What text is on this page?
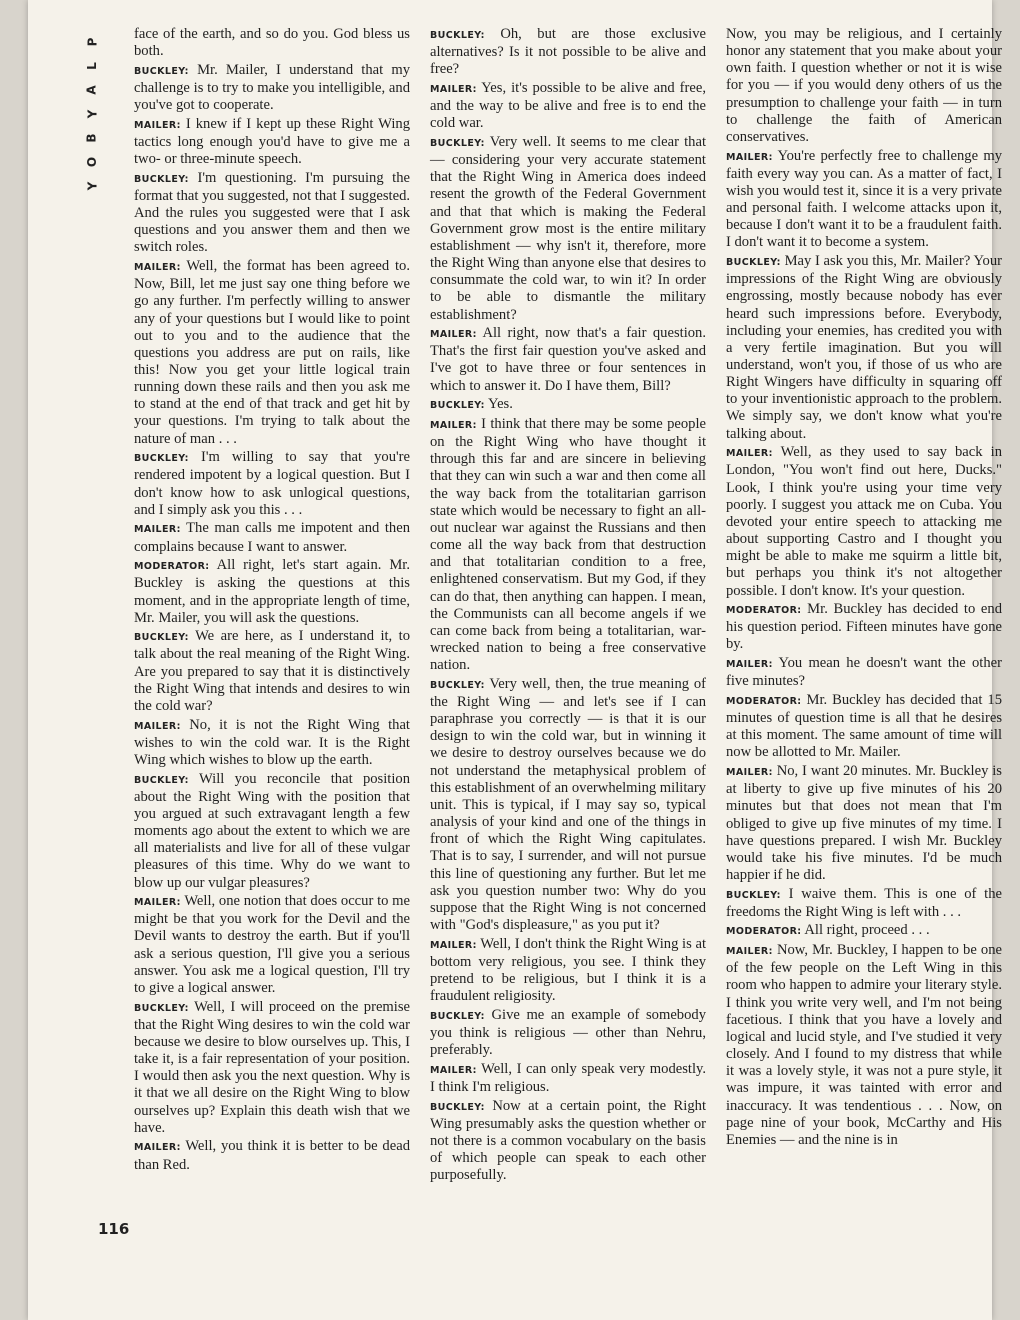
P
L
A
Y
B
O
Y
116

face of the earth, and so do you. God bless us both.

BUCKLEY: Mr. Mailer, I understand that my challenge is to try to make you intelligible, and you've got to cooperate.

MAILER: I knew if I kept up these Right Wing tactics long enough you'd have to give me a two- or three-minute speech.

BUCKLEY: I'm questioning. I'm pursuing the format that you suggested, not that I suggested. And the rules you suggested were that I ask questions and you answer them and then we switch roles.

MAILER: Well, the format has been agreed to. Now, Bill, let me just say one thing before we go any further. I'm perfectly willing to answer any of your questions but I would like to point out to you and to the audience that the questions you address are put on rails, like this! Now you get your little logical train running down these rails and then you ask me to stand at the end of that track and get hit by your questions. I'm trying to talk about the nature of man . . .

BUCKLEY: I'm willing to say that you're rendered impotent by a logical question. But I don't know how to ask unlogical questions, and I simply ask you this . . .

MAILER: The man calls me impotent and then complains because I want to answer.

MODERATOR: All right, let's start again. Mr. Buckley is asking the questions at this moment, and in the appropriate length of time, Mr. Mailer, you will ask the questions.

BUCKLEY: We are here, as I understand it, to talk about the real meaning of the Right Wing. Are you prepared to say that it is distinctively the Right Wing that intends and desires to win the cold war?

MAILER: No, it is not the Right Wing that wishes to win the cold war. It is the Right Wing which wishes to blow up the earth.

BUCKLEY: Will you reconcile that position about the Right Wing with the position that you argued at such extravagant length a few moments ago about the extent to which we are all materialists and live for all of these vulgar pleasures of this time. Why do we want to blow up our vulgar pleasures?

MAILER: Well, one notion that does occur to me might be that you work for the Devil and the Devil wants to destroy the earth. But if you'll ask a serious question, I'll give you a serious answer. You ask me a logical question, I'll try to give a logical answer.

BUCKLEY: Well, I will proceed on the premise that the Right Wing desires to win the cold war because we desire to blow ourselves up. This, I take it, is a fair representation of your position. I would then ask you the next question. Why is it that we all desire on the Right Wing to blow ourselves up? Explain this death wish that we have.

MAILER: Well, you think it is better to be dead than Red.

BUCKLEY: Oh, but are those exclusive alternatives? Is it not possible to be alive and free?

MAILER: Yes, it's possible to be alive and free, and the way to be alive and free is to end the cold war.

BUCKLEY: Very well. It seems to me clear that — considering your very accurate statement that the Right Wing in America does indeed resent the growth of the Federal Government and that that which is making the Federal Government grow most is the entire military establishment — why isn't it, therefore, more the Right Wing than anyone else that desires to consummate the cold war, to win it? In order to be able to dismantle the military establishment?

MAILER: All right, now that's a fair question. That's the first fair question you've asked and I've got to have three or four sentences in which to answer it. Do I have them, Bill?

BUCKLEY: Yes.

MAILER: I think that there may be some people on the Right Wing who have thought it through this far and are sincere in believing that they can win such a war and then come all the way back from the totalitarian garrison state which would be necessary to fight an all-out nuclear war against the Russians and then come all the way back from that destruction and that totalitarian condition to a free, enlightened conservatism. But my God, if they can do that, then anything can happen. I mean, the Communists can all become angels if we can come back from being a totalitarian, war-wrecked nation to being a free conservative nation.

BUCKLEY: Very well, then, the true meaning of the Right Wing — and let's see if I can paraphrase you correctly — is that it is our design to win the cold war, but in winning it we desire to destroy ourselves because we do not understand the metaphysical problem of this establishment of an overwhelming military unit. This is typical, if I may say so, typical analysis of your kind and one of the things in front of which the Right Wing capitulates. That is to say, I surrender, and will not pursue this line of questioning any further. But let me ask you question number two: Why do you suppose that the Right Wing is not concerned with "God's displeasure," as you put it?

MAILER: Well, I don't think the Right Wing is at bottom very religious, you see. I think they pretend to be religious, but I think it is a fraudulent religiosity.

BUCKLEY: Give me an example of somebody you think is religious — other than Nehru, preferably.

MAILER: Well, I can only speak very modestly. I think I'm religious.

BUCKLEY: Now at a certain point, the Right Wing presumably asks the question whether or not there is a common vocabulary on the basis of which people can speak to each other purposefully.

Now, you may be religious, and I certainly honor any statement that you make about your own faith. I question whether or not it is wise for you — if you would deny others of us the presumption to challenge your faith — in turn to challenge the faith of American conservatives.

MAILER: You're perfectly free to challenge my faith every way you can. As a matter of fact, I wish you would test it, since it is a very private and personal faith. I welcome attacks upon it, because I don't want it to be a fraudulent faith. I don't want it to become a system.

BUCKLEY: May I ask you this, Mr. Mailer? Your impressions of the Right Wing are obviously engrossing, mostly because nobody has ever heard such impressions before. Everybody, including your enemies, has credited you with a very fertile imagination. But you will understand, won't you, if those of us who are Right Wingers have difficulty in squaring off to your inventionistic approach to the problem. We simply say, we don't know what you're talking about.

MAILER: Well, as they used to say back in London, "You won't find out here, Ducks." Look, I think you're using your time very poorly. I suggest you attack me on Cuba. You devoted your entire speech to attacking me about supporting Castro and I thought you might be able to make me squirm a little bit, but perhaps you think it's not altogether possible. I don't know. It's your question.

MODERATOR: Mr. Buckley has decided to end his question period. Fifteen minutes have gone by.

MAILER: You mean he doesn't want the other five minutes?

MODERATOR: Mr. Buckley has decided that 15 minutes of question time is all that he desires at this moment. The same amount of time will now be allotted to Mr. Mailer.

MAILER: No, I want 20 minutes. Mr. Buckley is at liberty to give up five minutes of his 20 minutes but that does not mean that I'm obliged to give up five minutes of my time. I have questions prepared. I wish Mr. Buckley would take his five minutes. I'd be much happier if he did.

BUCKLEY: I waive them. This is one of the freedoms the Right Wing is left with . . .

MODERATOR: All right, proceed . . .

MAILER: Now, Mr. Buckley, I happen to be one of the few people on the Left Wing in this room who happen to admire your literary style. I think you write very well, and I'm not being facetious. I think that you have a lovely and logical and lucid style, and I've studied it very closely. And I found to my distress that while it was a lovely style, it was not a pure style, it was impure, it was tainted with error and inaccuracy. It was tendentious . . . Now, on page nine of your book, McCarthy and His Enemies — and the nine is in
